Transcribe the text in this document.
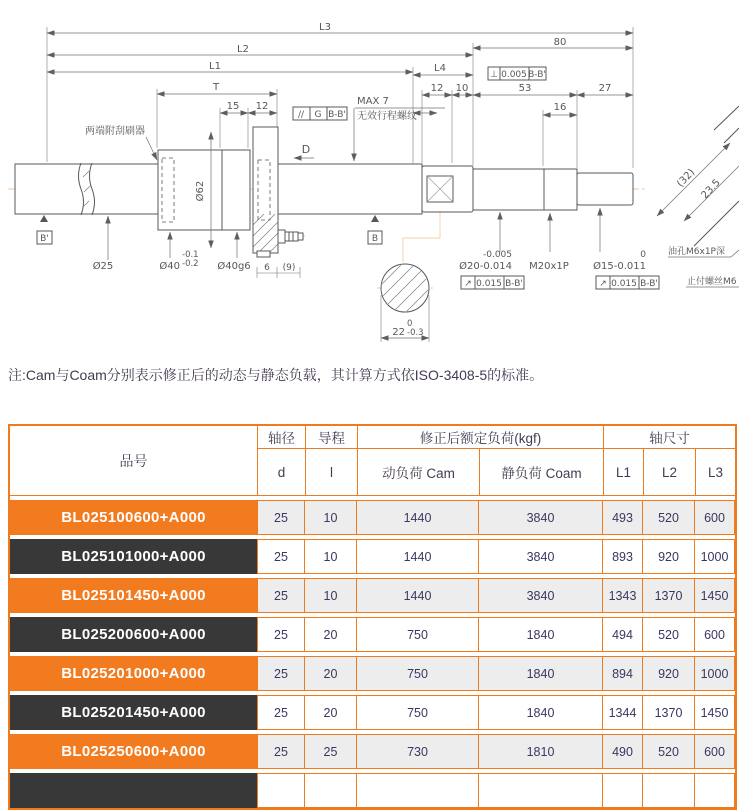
L3
80
L2
L1	L4
T
15 12
12 10	53	27
16
MAX 7
无效行程螺纹
两端附刮刷器
D
Ø25	Ø40
-0.1
-0.2
Ø62
Ø40g6 6 (9)
-0.005
Ø20-0.014 M20x1P
0
Ø15-0.011
0
22 -0.3
(32) 23.5
油孔M6x1P深
止付螺丝M6
B'	B
∕∕ G B-B'
⊥ 0.005 B-B'
↗ 0.015 B-B'	↗ 0.015 B-B'

注:Cam与Coam分别表示修正后的动态与静态负载，其计算方式依ISO-3408-5的标准。

品号
轴径	导程	修正后额定负荷(kgf)	轴尺寸
d	l	动负荷 Cam	静负荷 Coam	L1	L2	L3
BL025100600+A000	25	10	1440	3840	493	520	600
BL025101000+A000	25	10	1440	3840	893	920	1000
BL025101450+A000	25	10	1440	3840	1343	1370	1450
BL025200600+A000	25	20	750	1840	494	520	600
BL025201000+A000	25	20	750	1840	894	920	1000
BL025201450+A000	25	20	750	1840	1344	1370	1450
BL025250600+A000	25	25	730	1810	490	520	600
